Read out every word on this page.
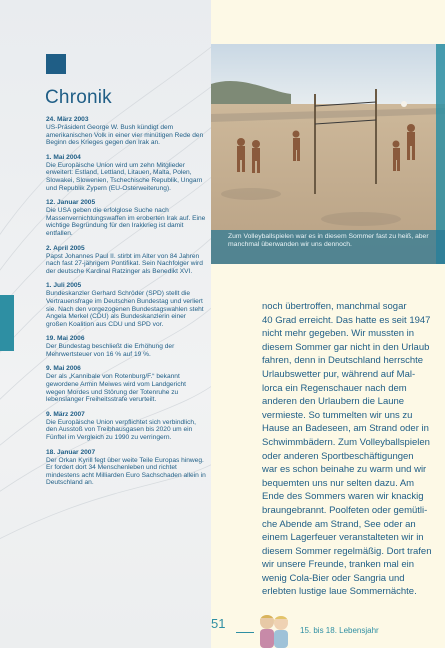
Chronik
24. März 2003
US-Präsident George W. Bush kündigt dem amerikanischen Volk in einer vier minütigen Rede den Beginn des Krieges gegen den Irak an.
1. Mai 2004
Die Europäische Union wird um zehn Mitglieder erweitert: Estland, Lettland, Litauen, Malta, Polen, Slowakei, Slowenien, Tschechische Republik, Ungarn und Republik Zypern (EU-Osterweiterung).
12. Januar 2005
Die USA geben die erfolglose Suche nach Massenvernichtungswaffen im eroberten Irak auf. Eine wichtige Begründung für den Irakkrieg ist damit entfallen.
2. April 2005
Papst Johannes Paul II. stirbt im Alter von 84 Jahren nach fast 27-jährigem Pontifikat. Sein Nachfolger wird der deutsche Kardinal Ratzinger als Benedikt XVI.
1. Juli 2005
Bundeskanzler Gerhard Schröder (SPD) stellt die Vertrauensfrage im Deutschen Bundestag und verliert sie. Nach den vorgezogenen Bundestagswahlen steht Angela Merkel (CDU) als Bundeskanzlerin einer großen Koalition aus CDU und SPD vor.
19. Mai 2006
Der Bundestag beschließt die Erhöhung der Mehrwertsteuer von 16 % auf 19 %.
9. Mai 2006
Der als „Kannibale von Rotenburg/F.“ bekannt gewordene Armin Meiwes wird vom Landgericht wegen Mordes und Störung der Totenruhe zu lebenslanger Freiheitsstrafe verurteilt.
9. März 2007
Die Europäische Union verpflichtet sich verbindlich, den Ausstoß von Treibhausgasen bis 2020 um ein Fünftel im Vergleich zu 1990 zu verringern.
18. Januar 2007
Der Orkan Kyrill fegt über weite Teile Europas hinweg. Er fordert dort 34 Menschenleben und richtet mindestens acht Milliarden Euro Sachschaden allein in Deutschland an.
Zum Volleyballspielen war es in diesem Sommer fast zu heiß, aber manchmal überwanden wir uns dennoch.

noch übertroffen, manchmal sogar
40 Grad erreicht. Das hatte es seit 1947
nicht mehr gegeben. Wir mussten in
diesem Sommer gar nicht in den Urlaub
fahren, denn in Deutschland herrschte
Urlaubswetter pur, während auf Mal-
lorca ein Regenschauer nach dem
anderen den Urlaubern die Laune
vermieste. So tummelten wir uns zu
Hause an Badeseen, am Strand oder in
Schwimmbädern. Zum Volleyballspielen
oder anderen Sportbeschäftigungen
war es schon beinahe zu warm und wir
bequemten uns nur selten dazu. Am
Ende des Sommers waren wir knackig
braungebrannt. Poolfeten oder gemütli-
che Abende am Strand, See oder an
einem Lagerfeuer veranstalteten wir in
diesem Sommer regelmäßig. Dort trafen
wir unsere Freunde, tranken mal ein
wenig Cola-Bier oder Sangria und
erlebten lustige laue Sommernächte.

51	15. bis 18. Lebensjahr
